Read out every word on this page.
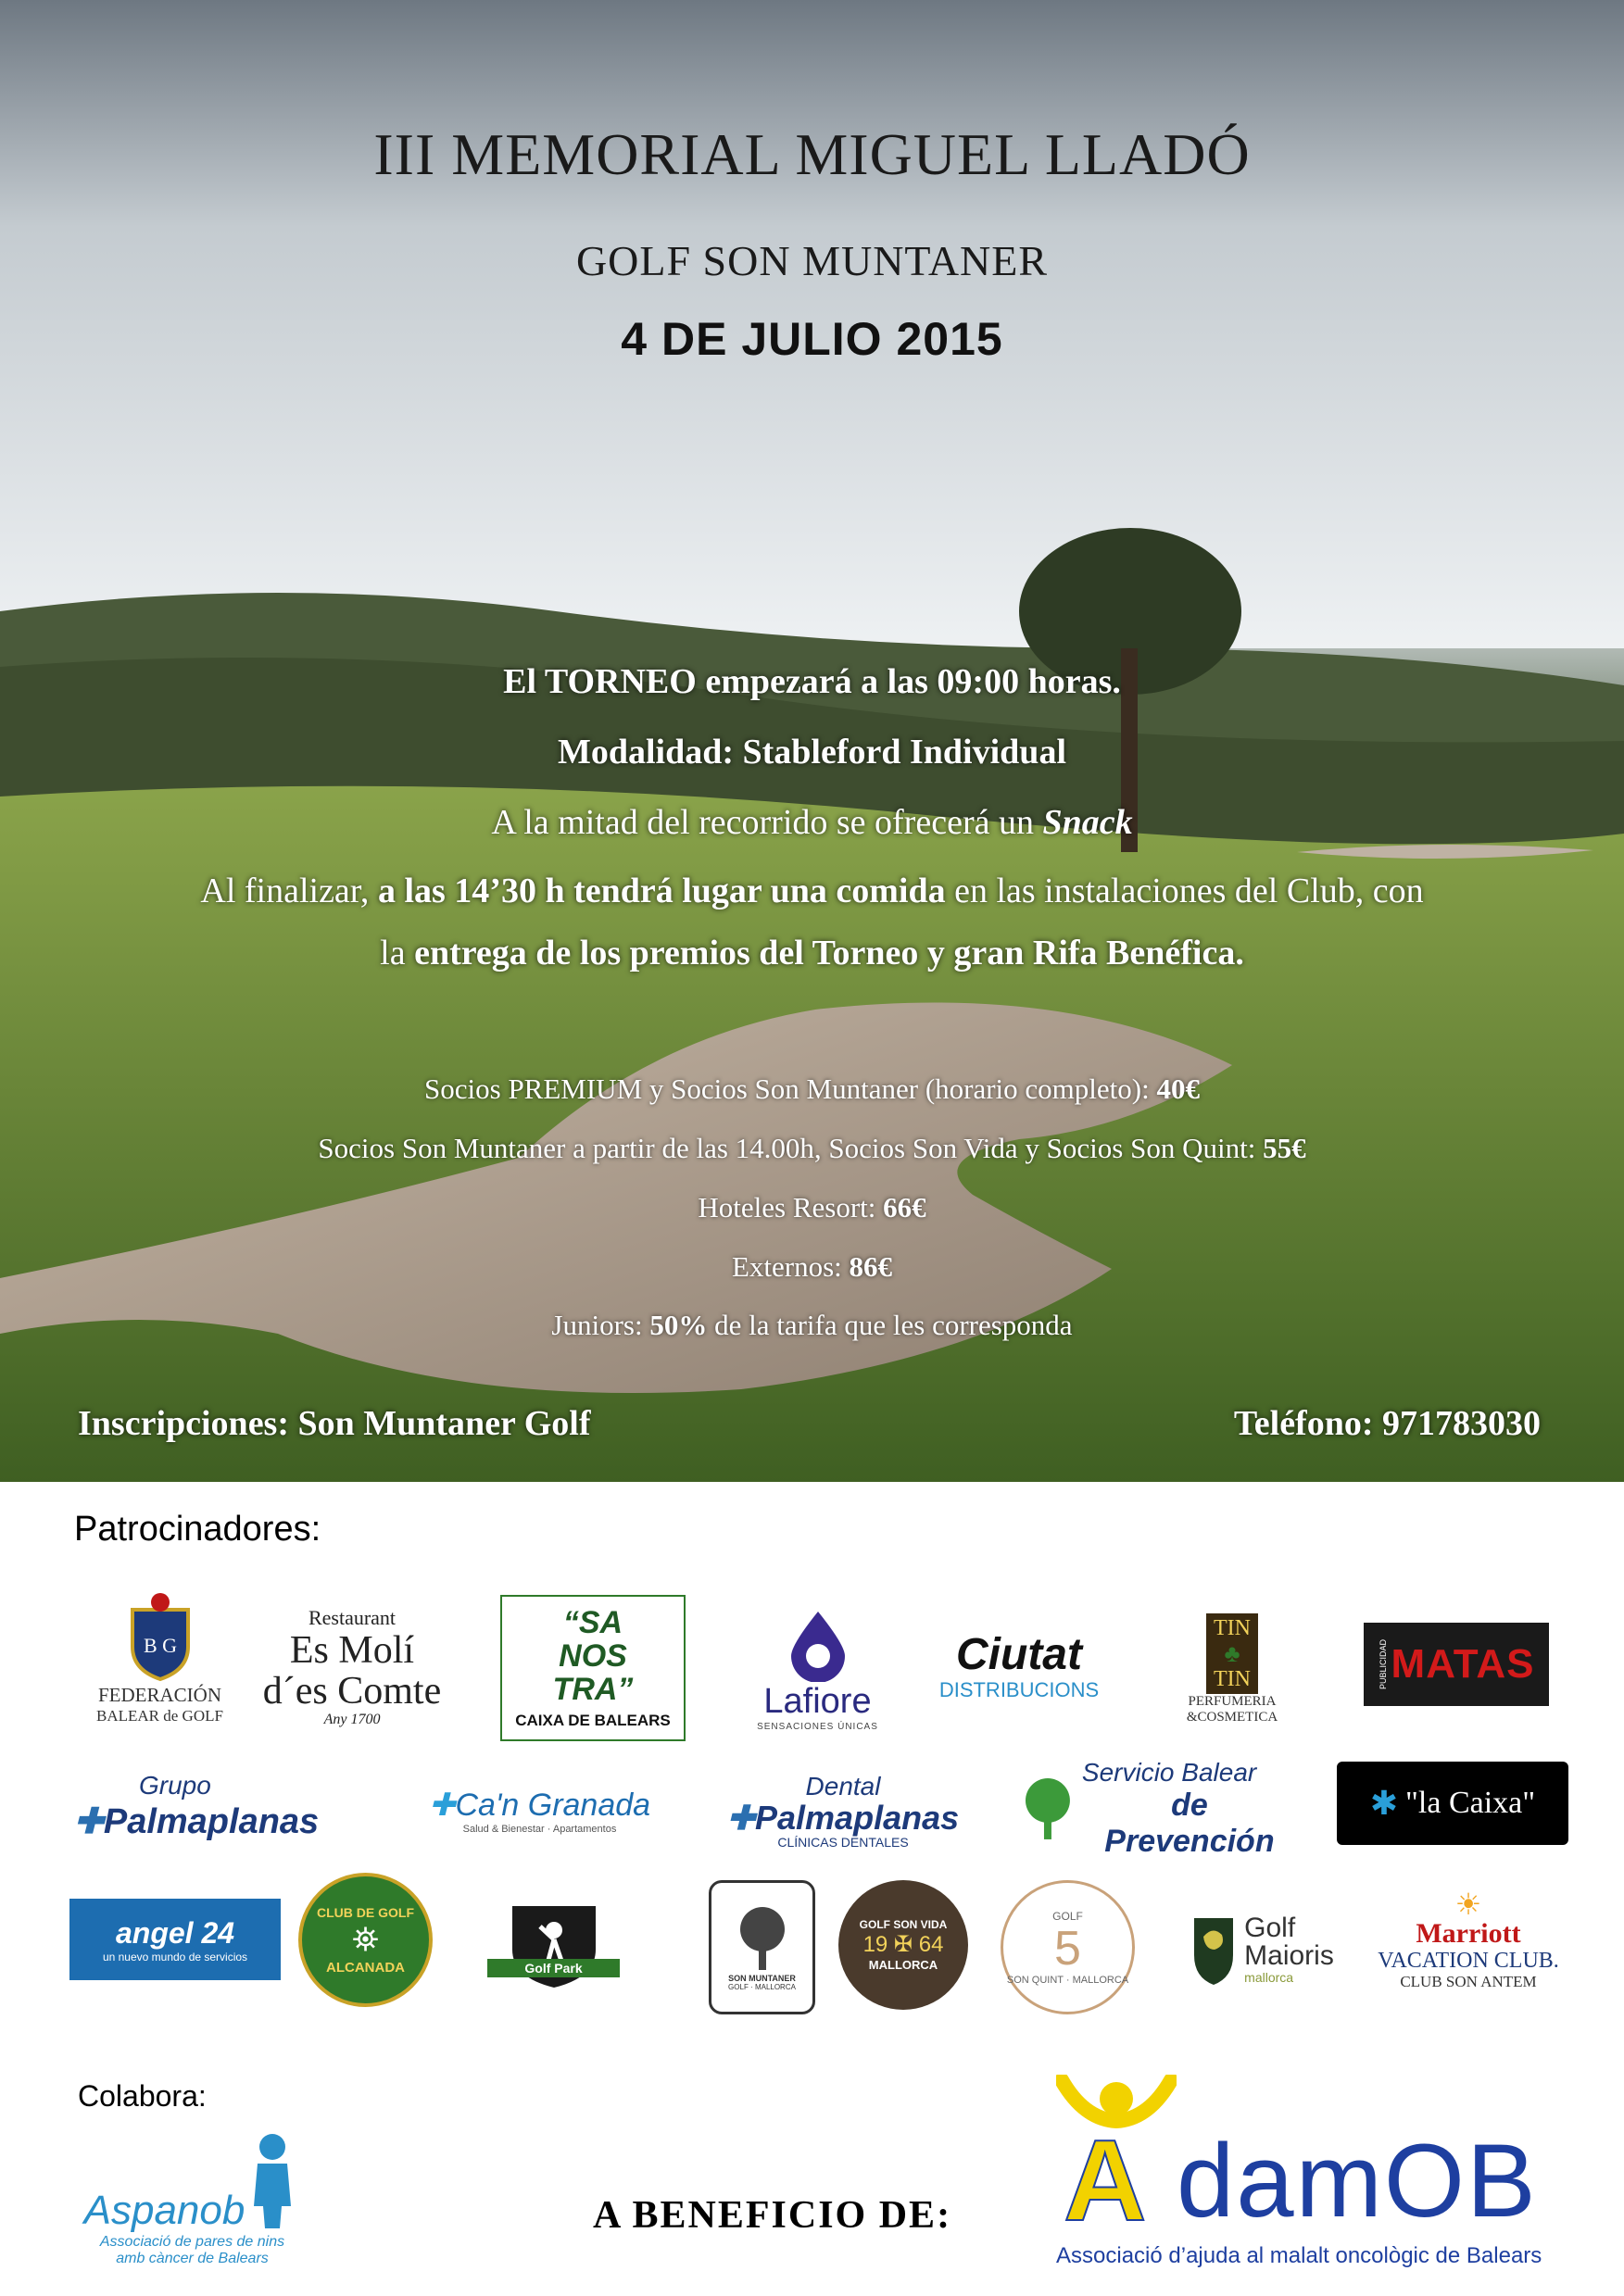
III MEMORIAL MIGUEL LLADÓ

GOLF SON MUNTANER

4 DE JULIO 2015

El TORNEO empezará a las 09:00 horas.

Modalidad: Stableford Individual

A la mitad del recorrido se ofrecerá un Snack

Al finalizar, a las 14’30 h tendrá lugar una comida en las instalaciones del Club, con

la entrega de los premios del Torneo y gran Rifa Benéfica.

Socios PREMIUM y Socios Son Muntaner (horario completo): 40€

Socios Son Muntaner a partir de las 14.00h, Socios Son Vida y Socios Son Quint: 55€

Hoteles Resort: 66€

Externos: 86€

Juniors: 50% de la tarifa que les corresponda

Inscripciones: Son Muntaner Golf	Teléfono: 971783030

Patrocinadores:

B G
FEDERACIÓN
BALEAR de GOLF
Restaurant
Es Molí
d´es Comte
Any 1700
“SA
NOS
TRA”
CAIXA DE BALEARS	Lafiore
SENSACIONES ÚNICAS
Ciutat
DISTRIBUCIONS
TIN
♣
TIN
PERFUMERIA
&COSMETICA
PUBLICIDAD MATAS
Grupo
✚Palmaplanas	✚Ca'n Granada
Salud & Bienestar · Apartamentos
Dental
✚Palmaplanas
CLÍNICAS DENTALES
Servicio Balear
de Prevención
✱ "la Caixa"
angel 24
un nuevo mundo de servicios
CLUB DE GOLF
⛯
ALCANADA	Golf Park
SON MUNTANER
GOLF · MALLORCA
GOLF SON VIDA
19 ✠ 64
MALLORCA
GOLF
5
SON QUINT · MALLORCA
Golf
Maioris
mallorca
☀
Marriott
VACATION CLUB.
CLUB SON ANTEM

Colabora:

Aspanob
Associació de pares de nins
amb càncer de Balears

A BENEFICIO DE: A damOB
Associació d’ajuda al malalt oncològic de Balears
